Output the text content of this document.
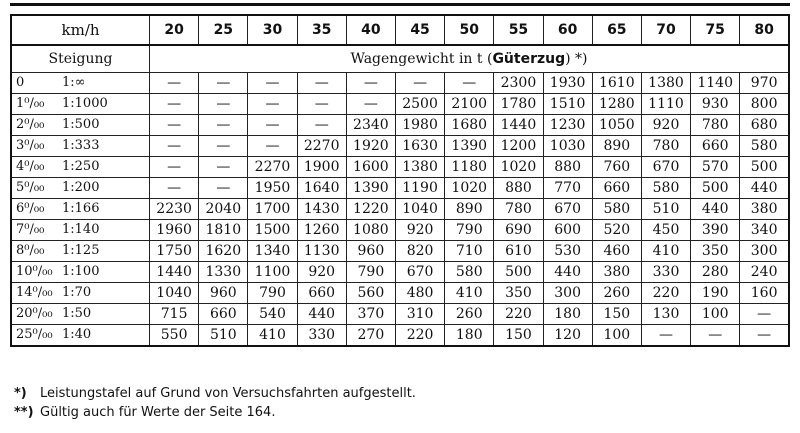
km/h	20	25	30	35	40	45	50	55	60	65	70	75	80
Steigung	Wagengewicht in t (Güterzug) *)												
0 1:∞	—	—	—	—	—	—	—	2300	1930	1610	1380	1140	970
1⁰/₀₀ 1:1000	—	—	—	—	—	2500	2100	1780	1510	1280	1110	930	800
2⁰/₀₀ 1:500	—	—	—	—	2340	1980	1680	1440	1230	1050	920	780	680
3⁰/₀₀ 1:333	—	—	—	2270	1920	1630	1390	1200	1030	890	780	660	580
4⁰/₀₀ 1:250	—	—	2270	1900	1600	1380	1180	1020	880	760	670	570	500
5⁰/₀₀ 1:200	—	—	1950	1640	1390	1190	1020	880	770	660	580	500	440
6⁰/₀₀ 1:166	2230	2040	1700	1430	1220	1040	890	780	670	580	510	440	380
7⁰/₀₀ 1:140	1960	1810	1500	1260	1080	920	790	690	600	520	450	390	340
8⁰/₀₀ 1:125	1750	1620	1340	1130	960	820	710	610	530	460	410	350	300
10⁰/₀₀ 1:100	1440	1330	1100	920	790	670	580	500	440	380	330	280	240
14⁰/₀₀ 1:70	1040	960	790	660	560	480	410	350	300	260	220	190	160
20⁰/₀₀ 1:50	715	660	540	440	370	310	260	220	180	150	130	100	—
25⁰/₀₀ 1:40	550	510	410	330	270	220	180	150	120	100	—	—	—
*) Leistungstafel auf Grund von Versuchsfahrten aufgestellt.
**) Gültig auch für Werte der Seite 164.
